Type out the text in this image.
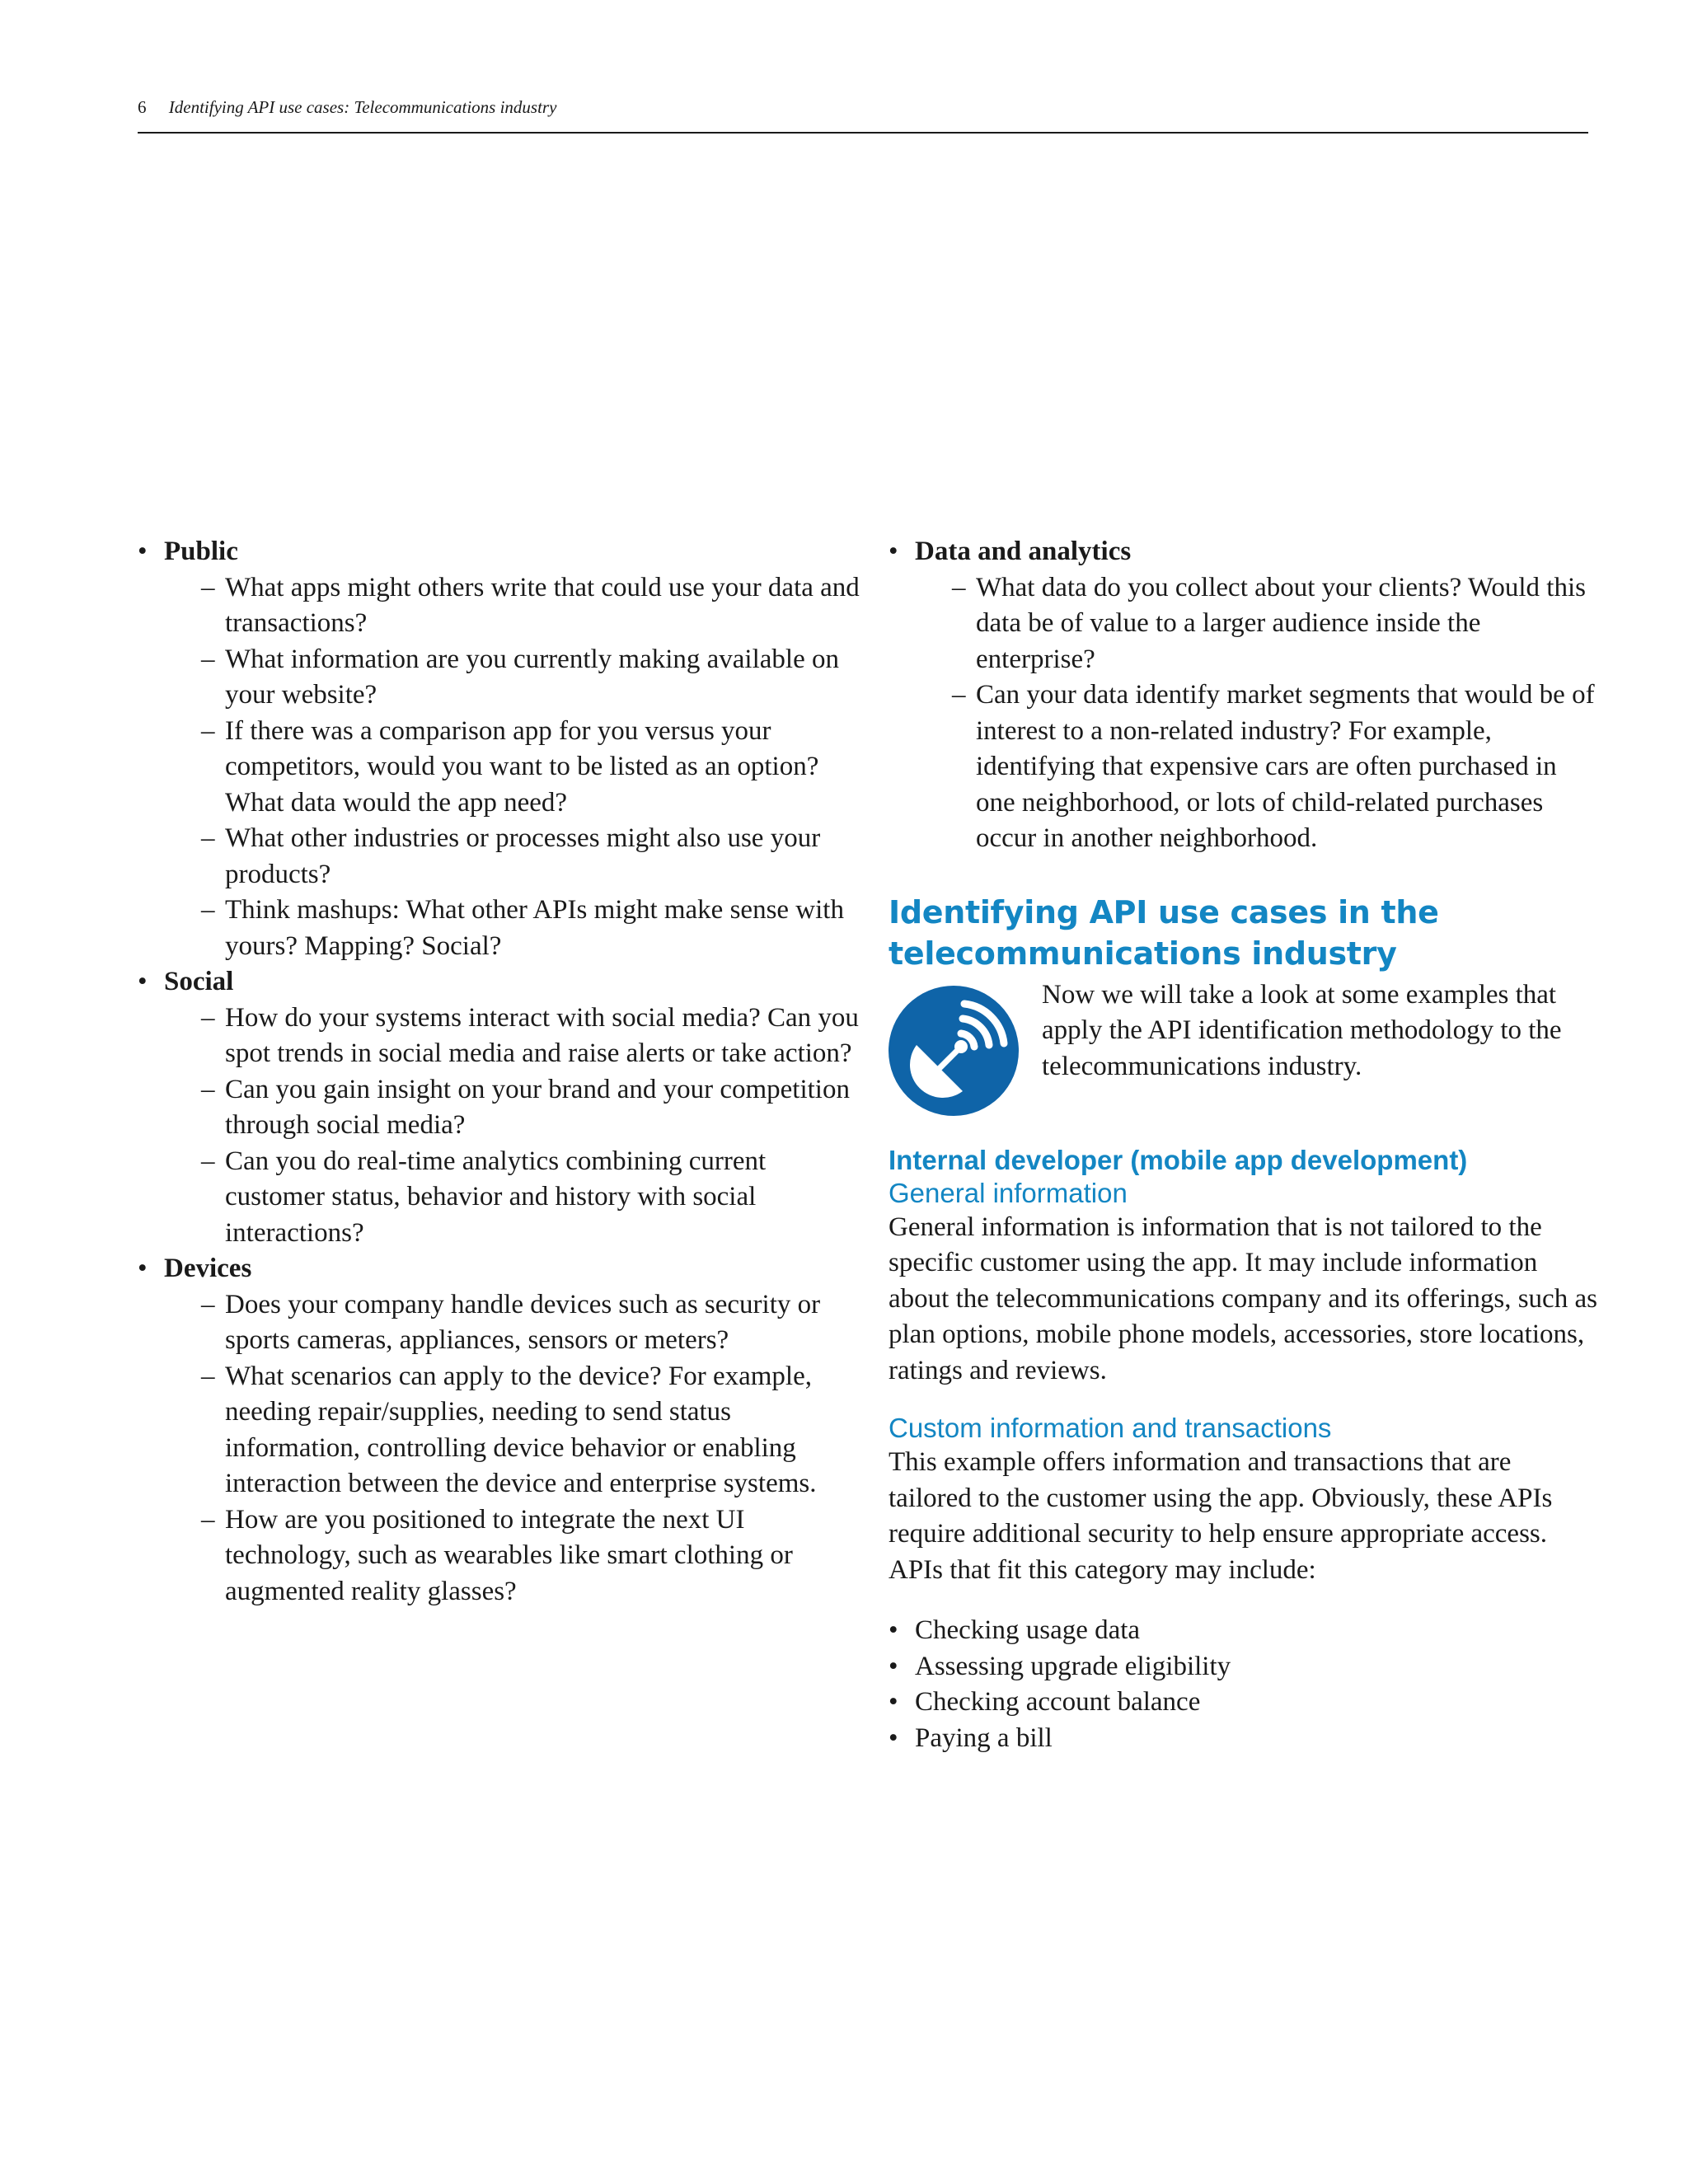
6 Identifying API use cases: Telecommunications industry
• Public
– What apps might others write that could use your data and transactions?
– What information are you currently making available on your website?
– If there was a comparison app for you versus your competitors, would you want to be listed as an option? What data would the app need?
– What other industries or processes might also use your products?
– Think mashups: What other APIs might make sense with yours? Mapping? Social?
• Social
– How do your systems interact with social media? Can you spot trends in social media and raise alerts or take action?
– Can you gain insight on your brand and your competition through social media?
– Can you do real-time analytics combining current customer status, behavior and history with social interactions?
• Devices
– Does your company handle devices such as security or sports cameras, appliances, sensors or meters?
– What scenarios can apply to the device? For example, needing repair/supplies, needing to send status information, controlling device behavior or enabling interaction between the device and enterprise systems.
– How are you positioned to integrate the next UI technology, such as wearables like smart clothing or augmented reality glasses?
• Data and analytics
– What data do you collect about your clients? Would this data be of value to a larger audience inside the enterprise?
– Can your data identify market segments that would be of interest to a non-related industry? For example, identifying that expensive cars are often purchased in one neighborhood, or lots of child-related purchases occur in another neighborhood.
Identifying API use cases in the telecommunications industry
Now we will take a look at some examples that apply the API identification methodology to the telecommunications industry.
Internal developer (mobile app development)
General information
General information is information that is not tailored to the specific customer using the app. It may include information about the telecommunications company and its offerings, such as plan options, mobile phone models, accessories, store locations, ratings and reviews.
Custom information and transactions
This example offers information and transactions that are tailored to the customer using the app. Obviously, these APIs require additional security to help ensure appropriate access. APIs that fit this category may include:
• Checking usage data
• Assessing upgrade eligibility
• Checking account balance
• Paying a bill
